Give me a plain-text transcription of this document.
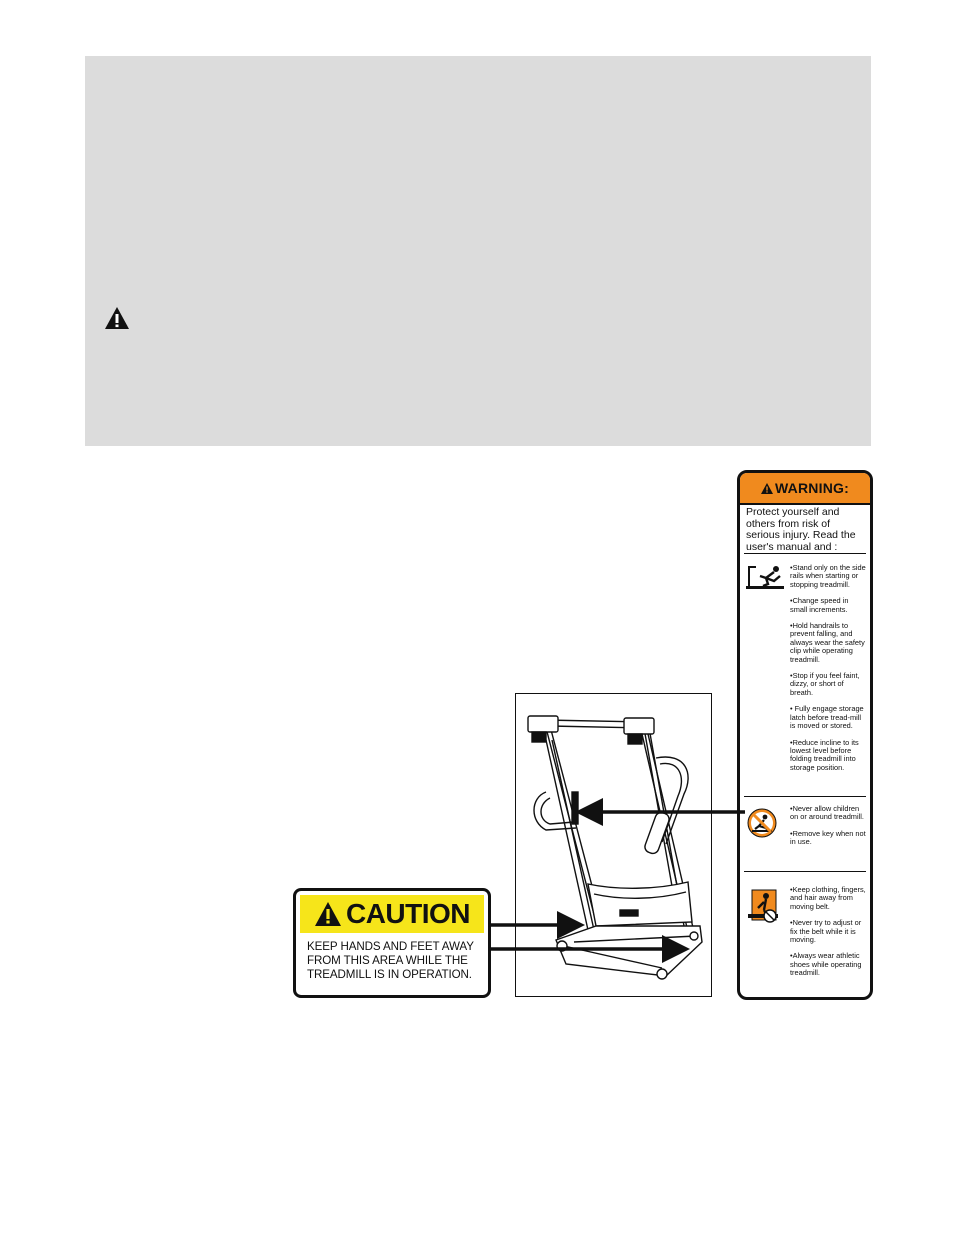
WARNING:
Protect yourself and others from risk of serious injury. Read the user's manual and :
•Stand only on the side rails when starting or stopping treadmill.
•Change speed in small increments.
•Hold handrails to prevent falling, and always wear the safety clip while operating treadmill.
•Stop if you feel faint, dizzy, or short of breath.
• Fully engage storage latch before tread-mill is moved or stored.
•Reduce incline to its lowest level before folding treadmill into storage position.
•Never allow children on or around treadmill.
•Remove key when not in use.
•Keep clothing, fingers, and hair away from moving belt.
•Never try to adjust or fix the belt while it is moving.
•Always wear athletic shoes while operating treadmill.
CAUTION
KEEP HANDS AND FEET AWAY
FROM THIS AREA WHILE THE
TREADMILL IS IN OPERATION.
